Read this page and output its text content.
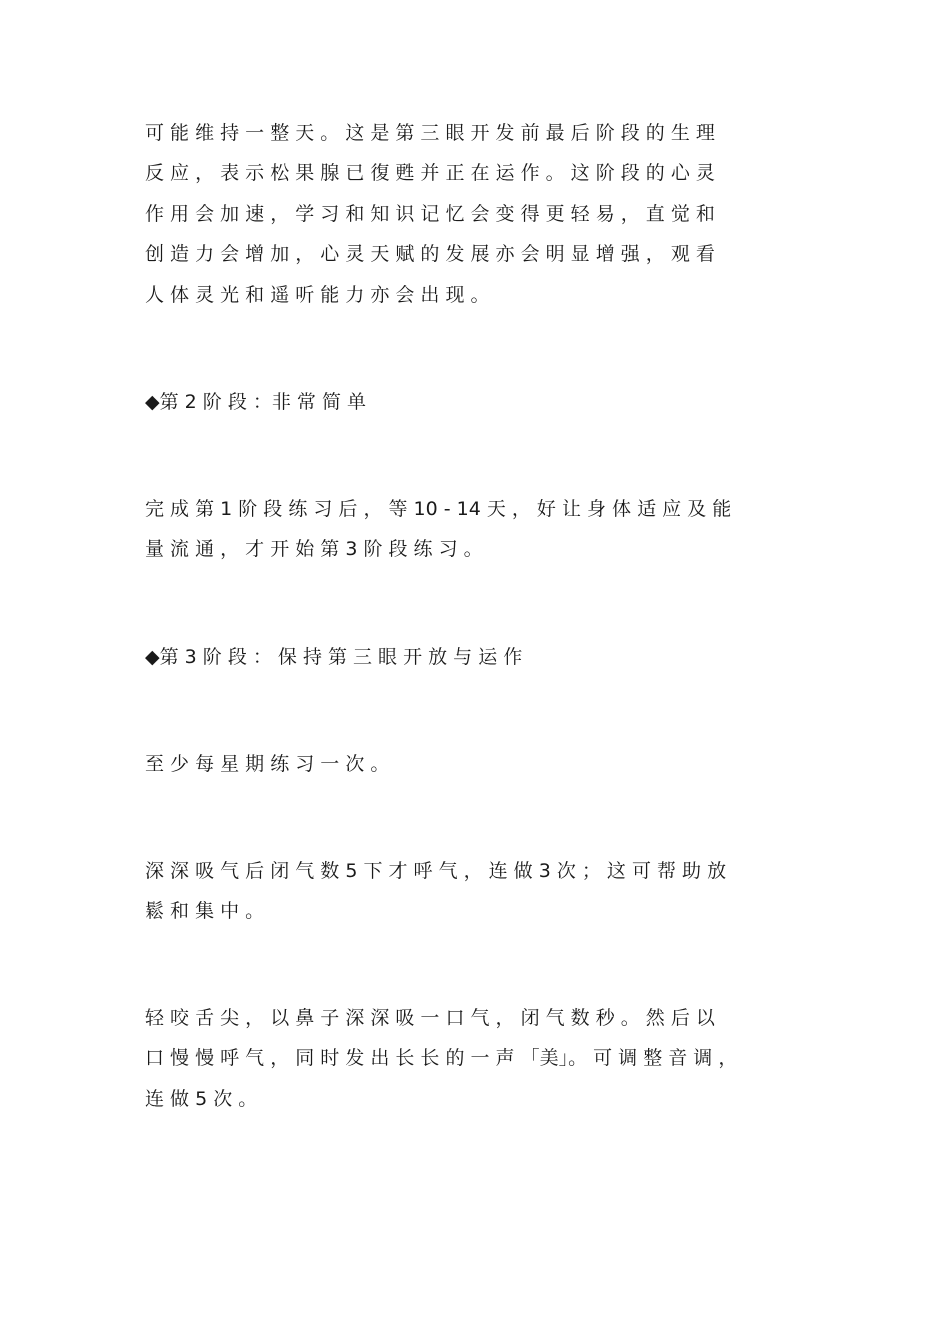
可 能 维 持 一 整 天 。 这 是 第 三 眼 开 发 前 最 后 阶 段 的 生 理
反 应 ， 表 示 松 果 腺 已 復 甦 并 正 在 运 作 。 这 阶 段 的 心 灵
作 用 会 加 速 ， 学 习 和 知 识 记 忆 会 变 得 更 轻 易 ， 直 觉 和
创 造 力 会 增 加 ， 心 灵 天 赋 的 发 展 亦 会 明 显 增 强 ， 观 看
人 体 灵 光 和 遥 听 能 力 亦 会 出 现 。
◆第 2 阶 段 ：非 常 简 单
完 成 第 1 阶 段 练 习 后 ， 等 10 - 14 天 ， 好 让 身 体 适 应 及 能
量 流 通 ， 才 开 始 第 3 阶 段 练 习 。
◆第 3 阶 段 ： 保 持 第 三 眼 开 放 与 运 作
至 少 每 星 期 练 习 一 次 。
深 深 吸 气 后 闭 气 数 5 下 才 呼 气 ， 连 做 3 次 ； 这 可 帮 助 放
鬆 和 集 中 。
轻 咬 舌 尖 ， 以 鼻 子 深 深 吸 一 口 气 ， 闭 气 数 秒 。 然 后 以
口 慢 慢 呼 气 ， 同 时 发 出 长 长 的 一 声 「美」。 可 调 整 音 调 ，
连 做 5 次 。
